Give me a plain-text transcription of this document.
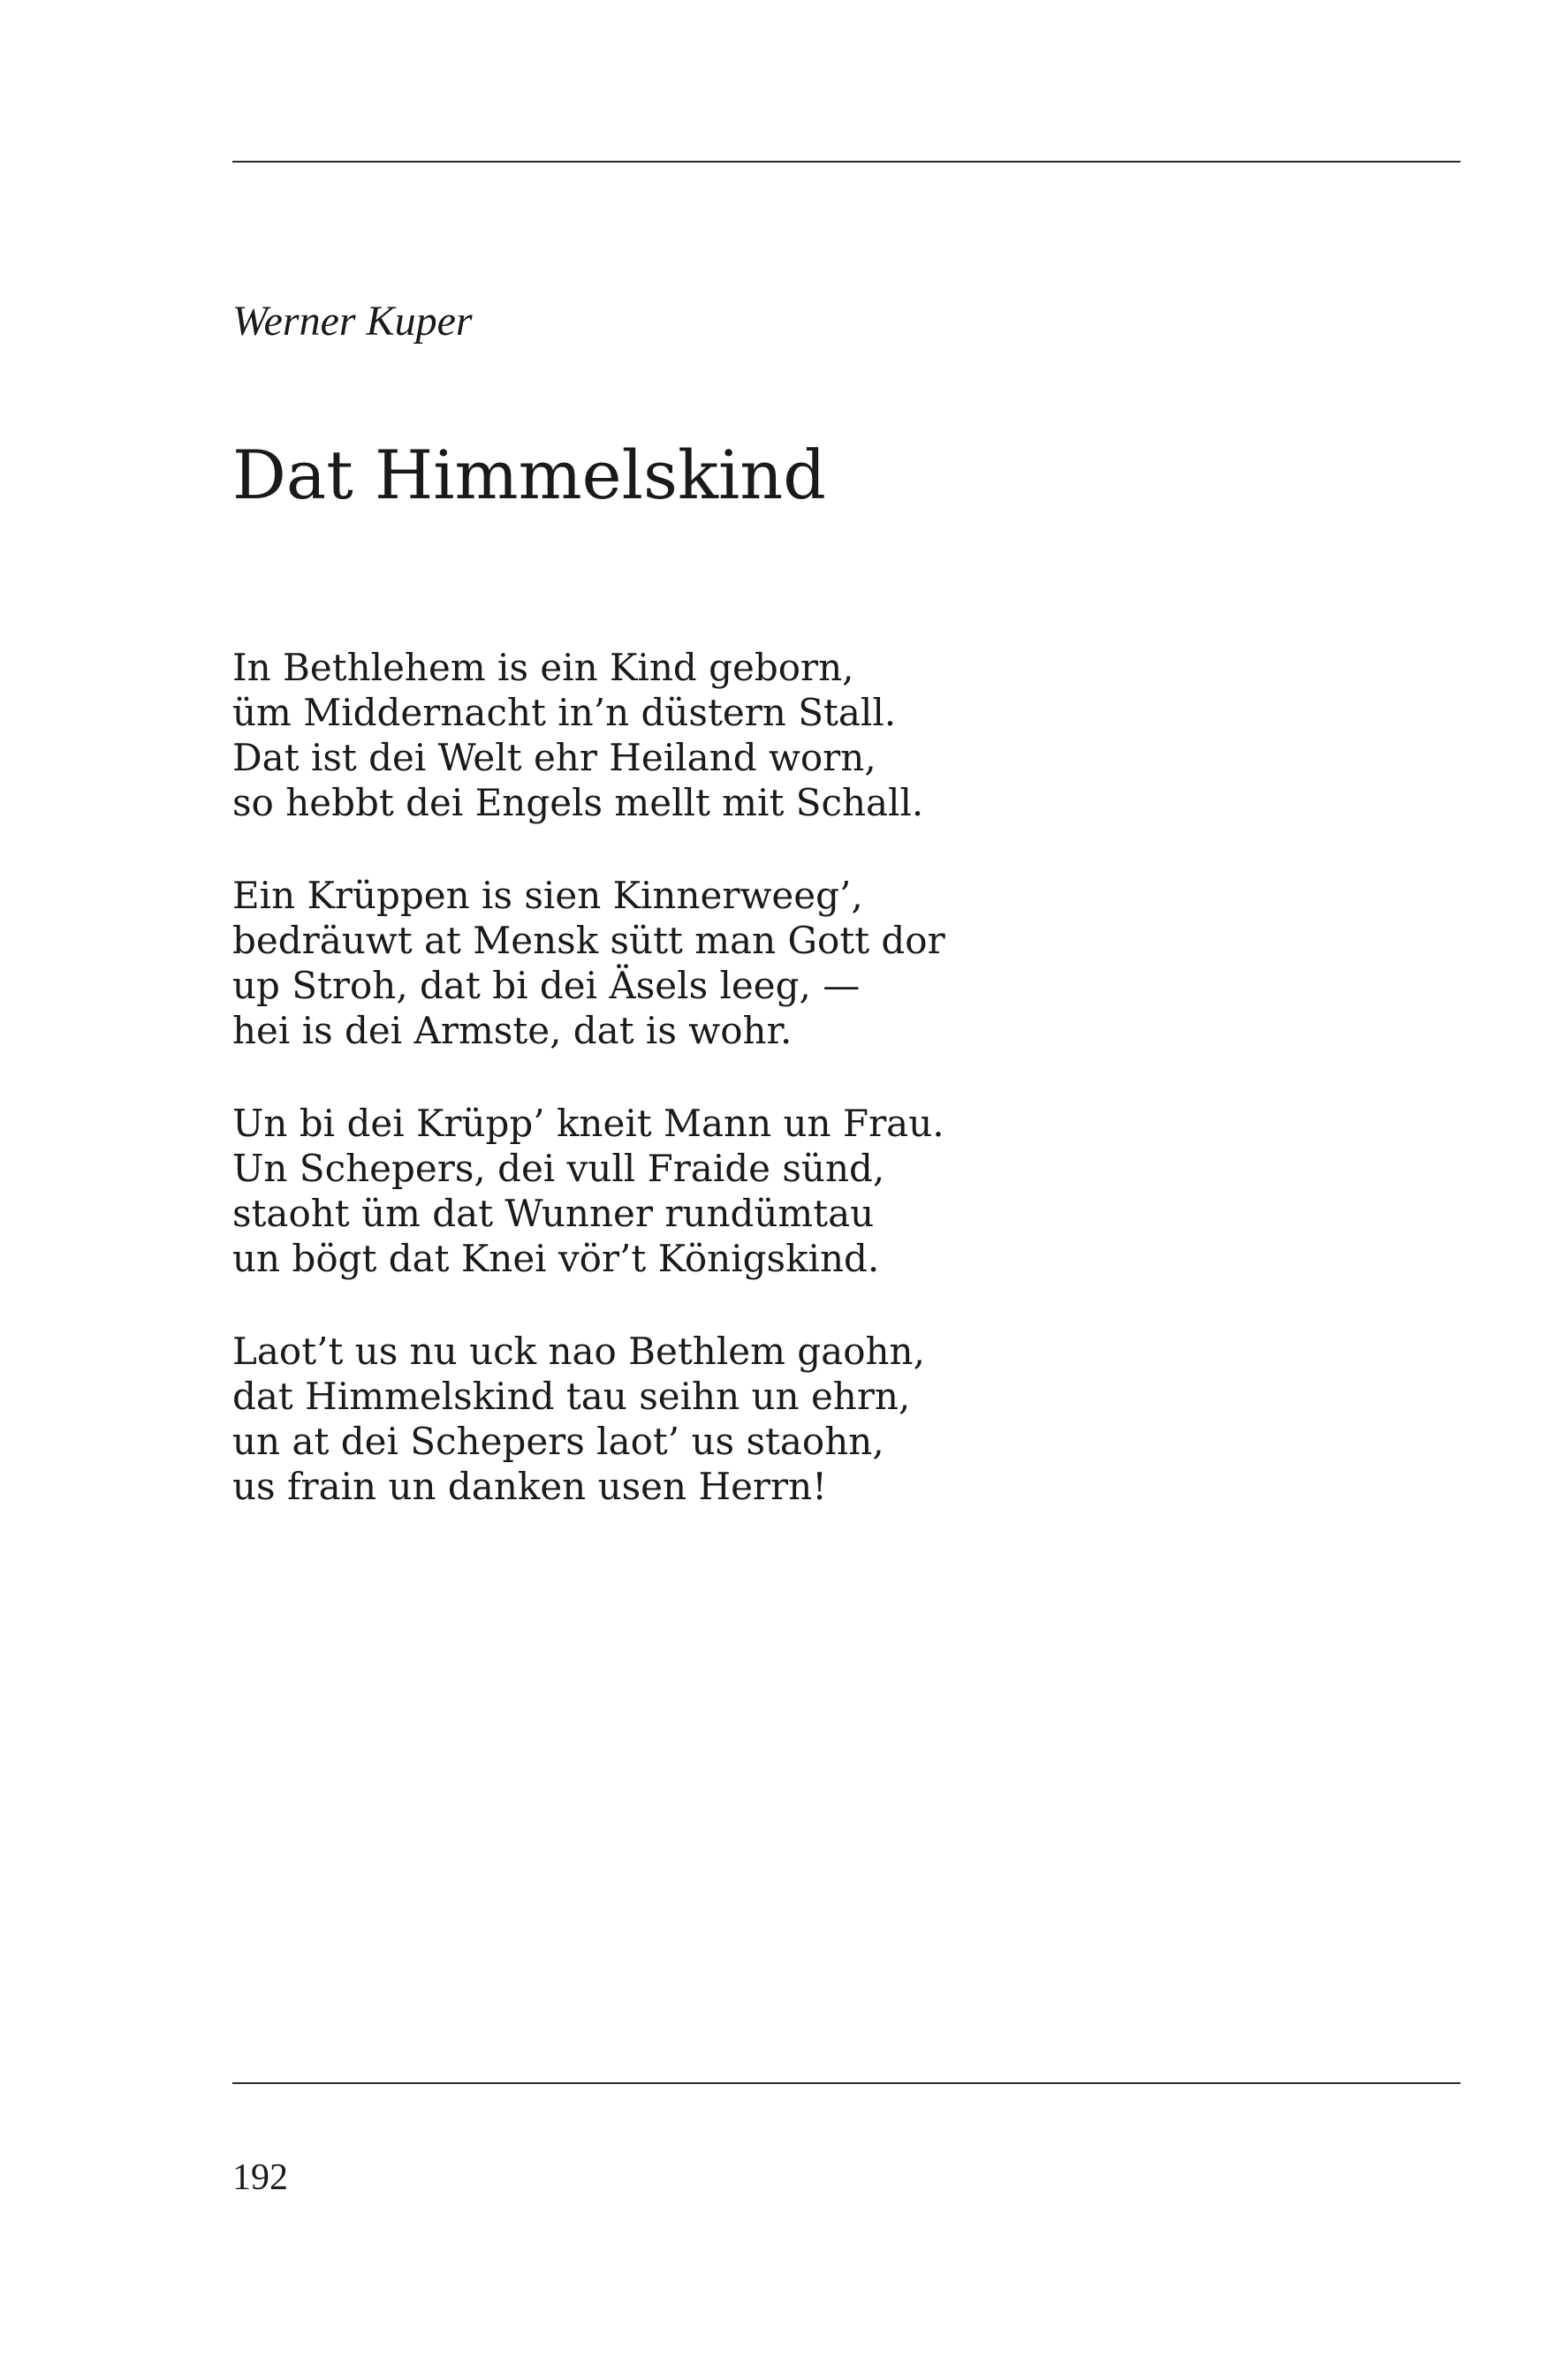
Werner Kuper

Dat Himmelskind
In Bethlehem is ein Kind geborn,
üm Middernacht in’n düstern Stall.
Dat ist dei Welt ehr Heiland worn,
so hebbt dei Engels mellt mit Schall.
Ein Krüppen is sien Kinnerweeg’,
bedräuwt at Mensk sütt man Gott dor
up Stroh, dat bi dei Äsels leeg, —
hei is dei Armste, dat is wohr.
Un bi dei Krüpp’ kneit Mann un Frau.
Un Schepers, dei vull Fraide sünd,
staoht üm dat Wunner rundümtau
un bögt dat Knei vör’t Königskind.
Laot’t us nu uck nao Bethlem gaohn,
dat Himmelskind tau seihn un ehrn,
un at dei Schepers laot’ us staohn,
us frain un danken usen Herrn!

192
